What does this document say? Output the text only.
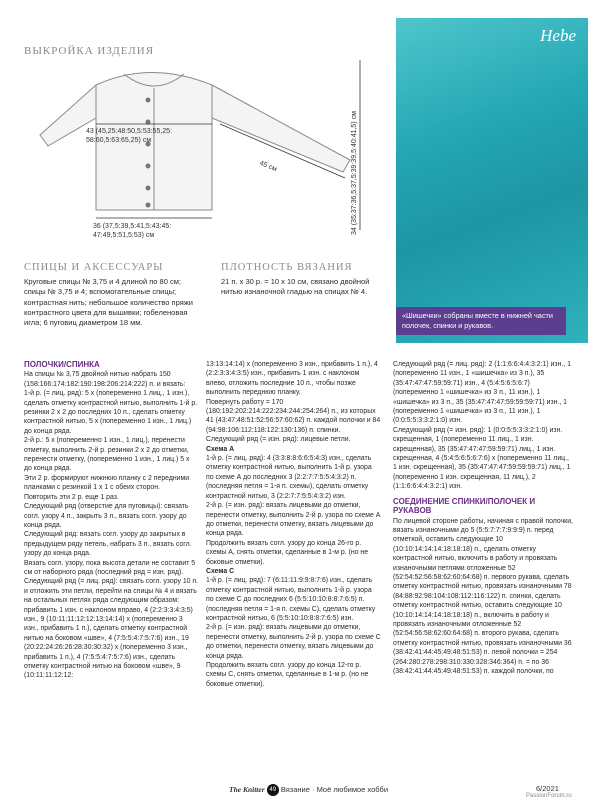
ВЫКРОЙКА ИЗДЕЛИЯ
43 (45,25:48:50,5:53:55,25: 58:60,5:63:65,25) см
45 см
36 (37,5:39,5:41,5:43:45: 47:49,5:51,5:53) см
34 (35:37:36,5:37,5:39:39,5:40:41,5) см
Hebe
«Шишечки» собраны вместе в нижней части полочек, спинки и рукавов.
СПИЦЫ И АКСЕССУАРЫ
Круговые спицы № 3,75 и 4 длиной по 80 см; спицы № 3,75 и 4; вспомогательные спицы; контрастная нить; небольшое количество пряжи контрастного цвета для вышивки; гобеленовая игла; 6 пуговиц диаметром 18 мм.
ПЛОТНОСТЬ ВЯЗАНИЯ
21 п. х 30 р. = 10 х 10 см, связано двойной нитью изнаночной гладью на спицах № 4.

ПОЛОЧКИ/СПИНКА

На спицы № 3,75 двойной нитью набрать 150 (158:166:174:182:190:198:206:214:222) п. и вязать:

1-й р. (= лиц. ряд): 5 х (попеременно 1 лиц., 1 изн.), сделать отметку контрастной нитью, выполнить 1-й р. резинки 2 х 2 до последних 10 п., сделать отметку контрастной нитью, 5 х (попеременно 1 изн., 1 лиц.) до конца ряда.

2-й р.: 5 х (попеременно 1 изн., 1 лиц.), перенести отметку, выполнить 2-й р. резинки 2 х 2 до отметки, перенести отметку, (попеременно 1 изн., 1 лиц.) 5 х до конца ряда.

Эти 2 р. формируют нижнюю планку с 2 передними планками с резинкой 1 х 1 с обеих сторон.

Повторить эти 2 р. еще 1 раз.

Следующий ряд (отверстие для пуговицы): связать согл. узору 4 п., закрыть 3 п., вязать согл. узору до конца ряда.

Следующий ряд: вязать согл. узору до закрытых в предыдущем ряду петель, набрать 3 п., вязать согл. узору до конца ряда.

Вязать согл. узору, пока высота детали не составит 5 см от наборного ряда (последний ряд = изн. ряд).

Следующий ряд (= лиц. ряд): связать согл. узору 10 п. и отложить эти петли, перейти на спицы № 4 и вязать на остальных петлях ряда следующим образом: прибавить 1 изн. с наклоном вправо, 4 (2:2:3:3:4:3:5) изн., 9 (10:11:11:12:12:13:14:14) х (попеременно 3 изн., прибавить 1 п.), сделать отметку контрастной нитью на боковом «шве», 4 (7:5:5:4:7:5:7:6) изн., 19 (20:22:24:26:26:28:30:30:32) х (попеременно 3 изн., прибавить 1 п.), 4 (7:5:5:4:7:5:7:6) изн., сделать отметку контрастной нитью на боковом «шве», 9 (10:11:11:12:12:

13:13:14:14) х (попеременно 3 изн., прибавить 1 п.), 4 (2:2:3:3:4:3:5) изн., прибавить 1 изн. с наклоном влево, отложить последние 10 п., чтобы позже выполнить переднюю планку.

Повернуть работу = 170 (180:192:202:214:222:234:244:254:264) п., из которых 41 (43:47:48:51:52:56:57:60:62) п. каждой полочки и 84 (94:98:106:112:118:122:130:136) п. спинки.

Следующий ряд (= изн. ряд): лицевые петли.

Схема А

1-й р. (= лиц. ряд): 4 (3:3:8:8:6:6:5:4:3) изн., сделать отметку контрастной нитью, выполнить 1-й р. узора по схеме А до последних 3 (2:2:7:7:5:5:4:3:2) п. (последняя петля = 1-я п. схемы), сделать отметку контрастной нитью, 3 (2:2:7:7:5:5:4:3:2) изн.

2-й р. (= изн. ряд): вязать лицевыми до отметки, перенести отметку, выполнить 2-й р. узора по схеме А до отметки, перенести отметку, вязать лицевыми до конца ряда.

Продолжить вязать согл. узору до конца 26-го р. схемы А, снять отметки, сделанные в 1-м р. (но не боковые отметки).

Схема С

1-й р. (= лиц. ряд): 7 (6:11:11:9:9:8:7:6) изн., сделать отметку контрастной нитью, выполнить 1-й р. узора по схеме С до последних 6 (5:5:10:10:8:8:7:6:5) п. (последняя петля = 1-я п. схемы С), сделать отметку контрастной нитью, 6 (5:5:10:10:8:8:7:6:5) изн.

2-й р. (= изн. ряд): вязать лицевыми до отметки, перенести отметку, выполнить 2-й р. узора по схеме С до отметки, перенести отметку, вязать лицевыми до конца ряда.

Продолжить вязать согл. узору до конца 12-го р. схемы С, снять отметки, сделанные в 1-м р. (но не боковые отметки).

Следующий ряд (= лиц. ряд): 2 (1:1:6:6:4:4:3:2:1) изн., 1 (попеременно 11 изн., 1 «шишечка» из 3 п.), 35 (35:47:47:47:59:59:71) изн., 4 (5:4:5:6:5:6:7) (попеременно 1 «шишечка» из 3 п., 11 изн.), 1 «шишечка» из 3 п., 35 (35:47:47:47:59:59:59:71) изн., 1 (попеременно 1 «шишечка» из 3 п., 11 изн.), 1 (0:0:5:5:3:3:2:1:0) изн.

Следующий ряд (= изн. ряд): 1 (0:0:5:5:3:3:2:1:0) изн. скрещенная, 1 (попеременно 11 лиц., 1 изн. скрещенная), 35 (35:47:47:47:59:59:71) лиц., 1 изн. скрещенная, 4 (5:4:5:6:5:6:7:6) х (попеременно 11 лиц., 1 изн. скрещенная), 35 (35:47:47:47:59:59:59:71) лиц., 1 (попеременно 1 изн. скрещенная, 11 лиц.), 2 (1:1:6:6:4:4:3:2:1) изн.

СОЕДИНЕНИЕ СПИНКИ/ПОЛОЧЕК И РУКАВОВ

По лицевой стороне работы, начиная с правой полочки, вязать изнаночными до 5 (5:5:7:7:7:9:9:9) п. перед отметкой, оставить следующие 10 (10:10:14:14:14:18:18:18) п., сделать отметку контрастной нитью, включить в работу и провязать изнаночными петлями отложенные 52 (52:54:52:56:58:62:60:64:68) п. первого рукава, сделать отметку контрастной нитью, провязать изнаночными 78 (84:88:92:98:104:108:112:116:122) п. спинки, сделать отметку контрастной нитью, оставить следующие 10 (10:10:14:14:14:18:18:18) п., включить в работу и провязать изнаночными отложенные 52 (52:54:56:58:62:60:64:68) п. второго рукава, сделать отметку контрастной нитью, провязать изнаночными 36 (38:42:41:44:45:49:48:51:53) п. левой полочки = 254 (264:280:278:298:310:330:328:346:364) п. = по 36 (38:42:41:44:45:49:48:51:53) п. каждой полочки, по

The Knitter 49 Вязание · Моё любимое хобби	6/2021
PassionForum.ru
